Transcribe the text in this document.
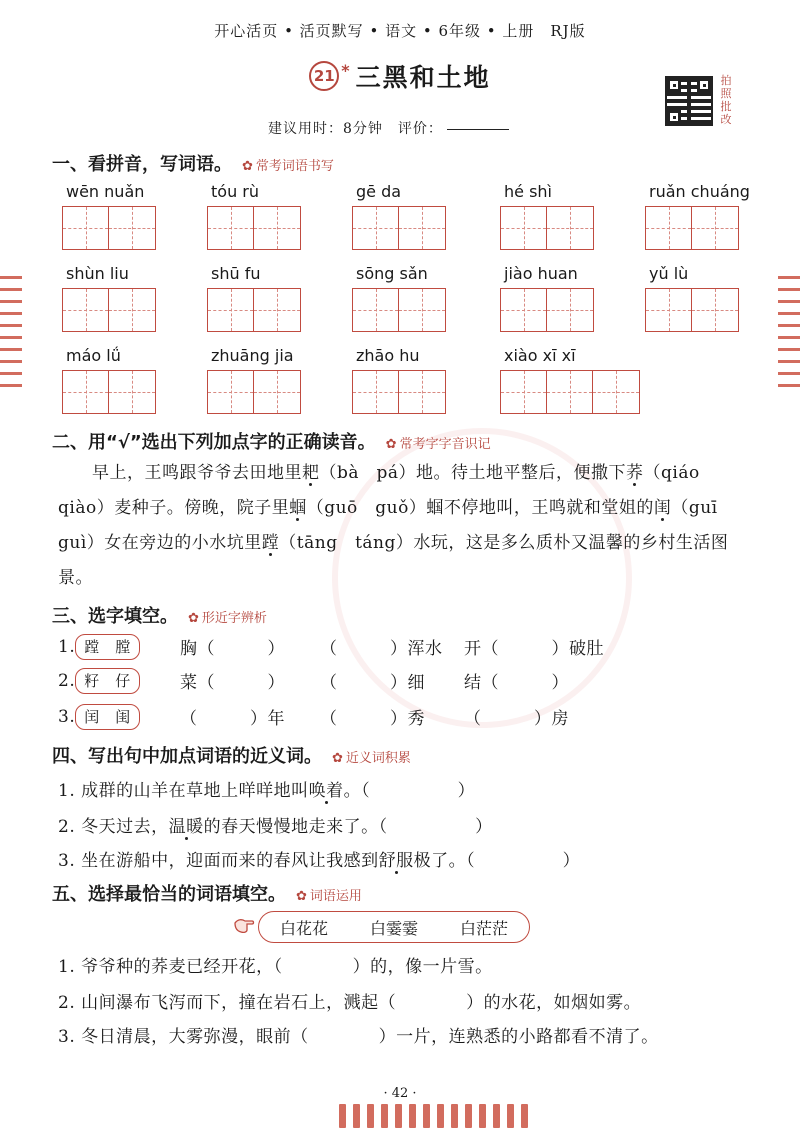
开心活页 • 活页默写 • 语文 • 6年级 • 上册　RJ版
21 * 三黑和土地	拍照批改
建议用时：8分钟　评价：
一、看拼音，写词语。 ✿ 常考词语书写
wēn nuǎn	tóu rù	gē da	hé shì	ruǎn chuáng
shùn liu	shū fu	sōng sǎn	jiào huan	yǔ lù
máo lǘ	zhuāng jia	zhāo hu	xiào xī xī
二、用“√”选出下列加点字的正确读音。 ✿ 常考字字音识记
早上，王鸣跟爷爷去田地里耙（bà　pá）地。待土地平整后，便撒下荞（qiáo　qiào）麦种子。傍晚，院子里蝈（guō　guǒ）蝈不停地叫，王鸣就和堂姐的闺（guī　guì）女在旁边的小水坑里蹚（tāng　táng）水玩，这是多么质朴又温馨的乡村生活图景。
三、选字填空。 ✿ 形近字辨析
1. 蹚　膛	胸（　　　） （　　　）浑水 开（　　　）破肚
2. 籽　仔	菜（　　　） （　　　）细 结（　　　）
3. 闰　闺	（　　　）年 （　　　）秀 （　　　）房
四、写出句中加点词语的近义词。 ✿ 近义词积累
1. 成群的山羊在草地上咩咩地叫唤着。（　　　　　）
2. 冬天过去，温暖的春天慢慢地走来了。（　　　　　）
3. 坐在游船中，迎面而来的春风让我感到舒服极了。（　　　　　）
五、选择最恰当的词语填空。 ✿ 词语运用
白花花	白霎霎	白茫茫
1. 爷爷种的荞麦已经开花，（　　　　）的，像一片雪。
2. 山间瀑布飞泻而下，撞在岩石上，溅起（　　　　）的水花，如烟如雾。
3. 冬日清晨，大雾弥漫，眼前（　　　　）一片，连熟悉的小路都看不清了。
· 42 ·
